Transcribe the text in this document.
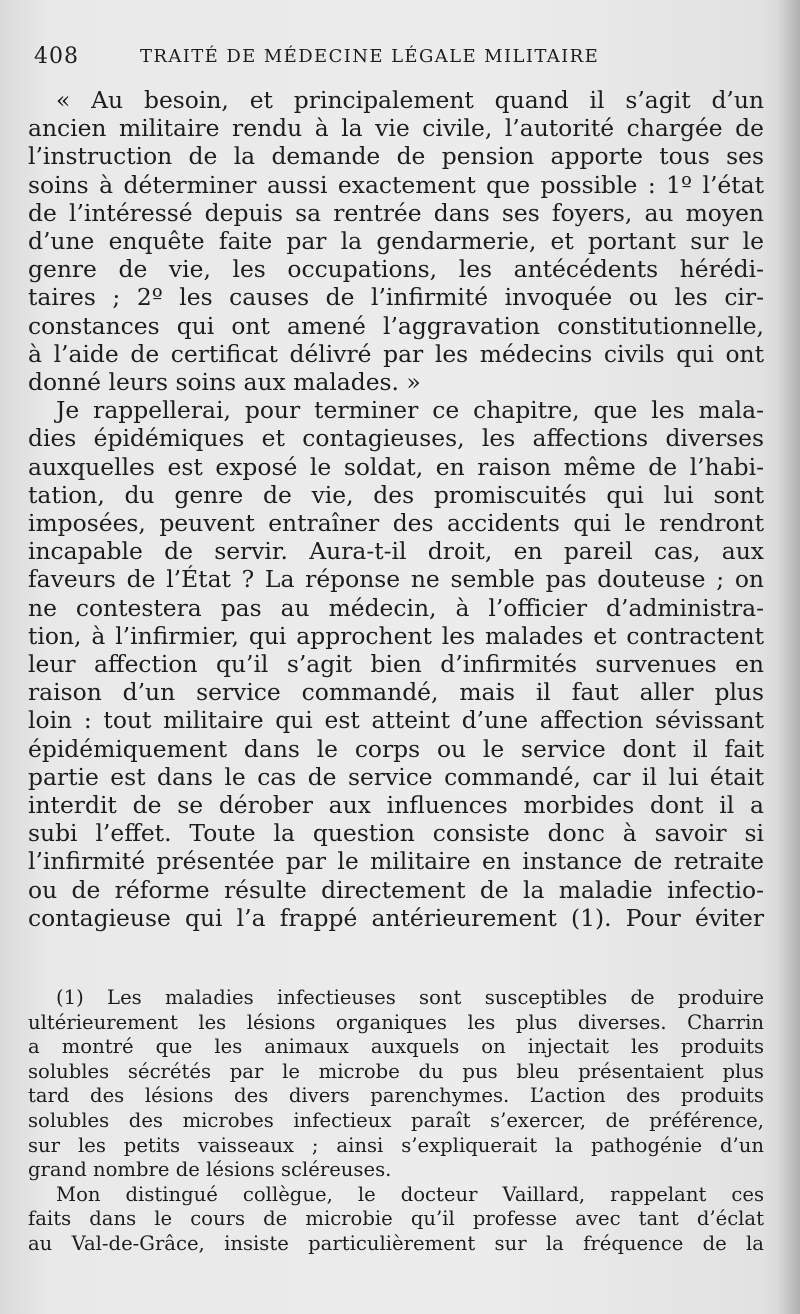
408	TRAITÉ DE MÉDECINE LÉGALE MILITAIRE

« Au besoin, et principalement quand il s’agit d’un

ancien militaire rendu à la vie civile, l’autorité chargée de

l’instruction de la demande de pension apporte tous ses

soins à déterminer aussi exactement que possible : 1º l’état

de l’intéressé depuis sa rentrée dans ses foyers, au moyen

d’une enquête faite par la gendarmerie, et portant sur le

genre de vie, les occupations, les antécédents hérédi-

taires ; 2º les causes de l’infirmité invoquée ou les cir-

constances qui ont amené l’aggravation constitutionnelle,

à l’aide de certificat délivré par les médecins civils qui ont

donné leurs soins aux malades. »

Je rappellerai, pour terminer ce chapitre, que les mala-

dies épidémiques et contagieuses, les affections diverses

auxquelles est exposé le soldat, en raison même de l’habi-

tation, du genre de vie, des promiscuités qui lui sont

imposées, peuvent entraîner des accidents qui le rendront

incapable de servir. Aura-t-il droit, en pareil cas, aux

faveurs de l’État ? La réponse ne semble pas douteuse ; on

ne contestera pas au médecin, à l’officier d’administra-

tion, à l’infirmier, qui approchent les malades et contractent

leur affection qu’il s’agit bien d’infirmités survenues en

raison d’un service commandé, mais il faut aller plus

loin : tout militaire qui est atteint d’une affection sévissant

épidémiquement dans le corps ou le service dont il fait

partie est dans le cas de service commandé, car il lui était

interdit de se dérober aux influences morbides dont il a

subi l’effet. Toute la question consiste donc à savoir si

l’infirmité présentée par le militaire en instance de retraite

ou de réforme résulte directement de la maladie infectio-

contagieuse qui l’a frappé antérieurement (1). Pour éviter

(1) Les maladies infectieuses sont susceptibles de produire

ultérieurement les lésions organiques les plus diverses. Charrin

a montré que les animaux auxquels on injectait les produits

solubles sécrétés par le microbe du pus bleu présentaient plus

tard des lésions des divers parenchymes. L’action des produits

solubles des microbes infectieux paraît s’exercer, de préférence,

sur les petits vaisseaux ; ainsi s’expliquerait la pathogénie d’un

grand nombre de lésions scléreuses.

Mon distingué collègue, le docteur Vaillard, rappelant ces

faits dans le cours de microbie qu’il professe avec tant d’éclat

au Val-de-Grâce, insiste particulièrement sur la fréquence de la
